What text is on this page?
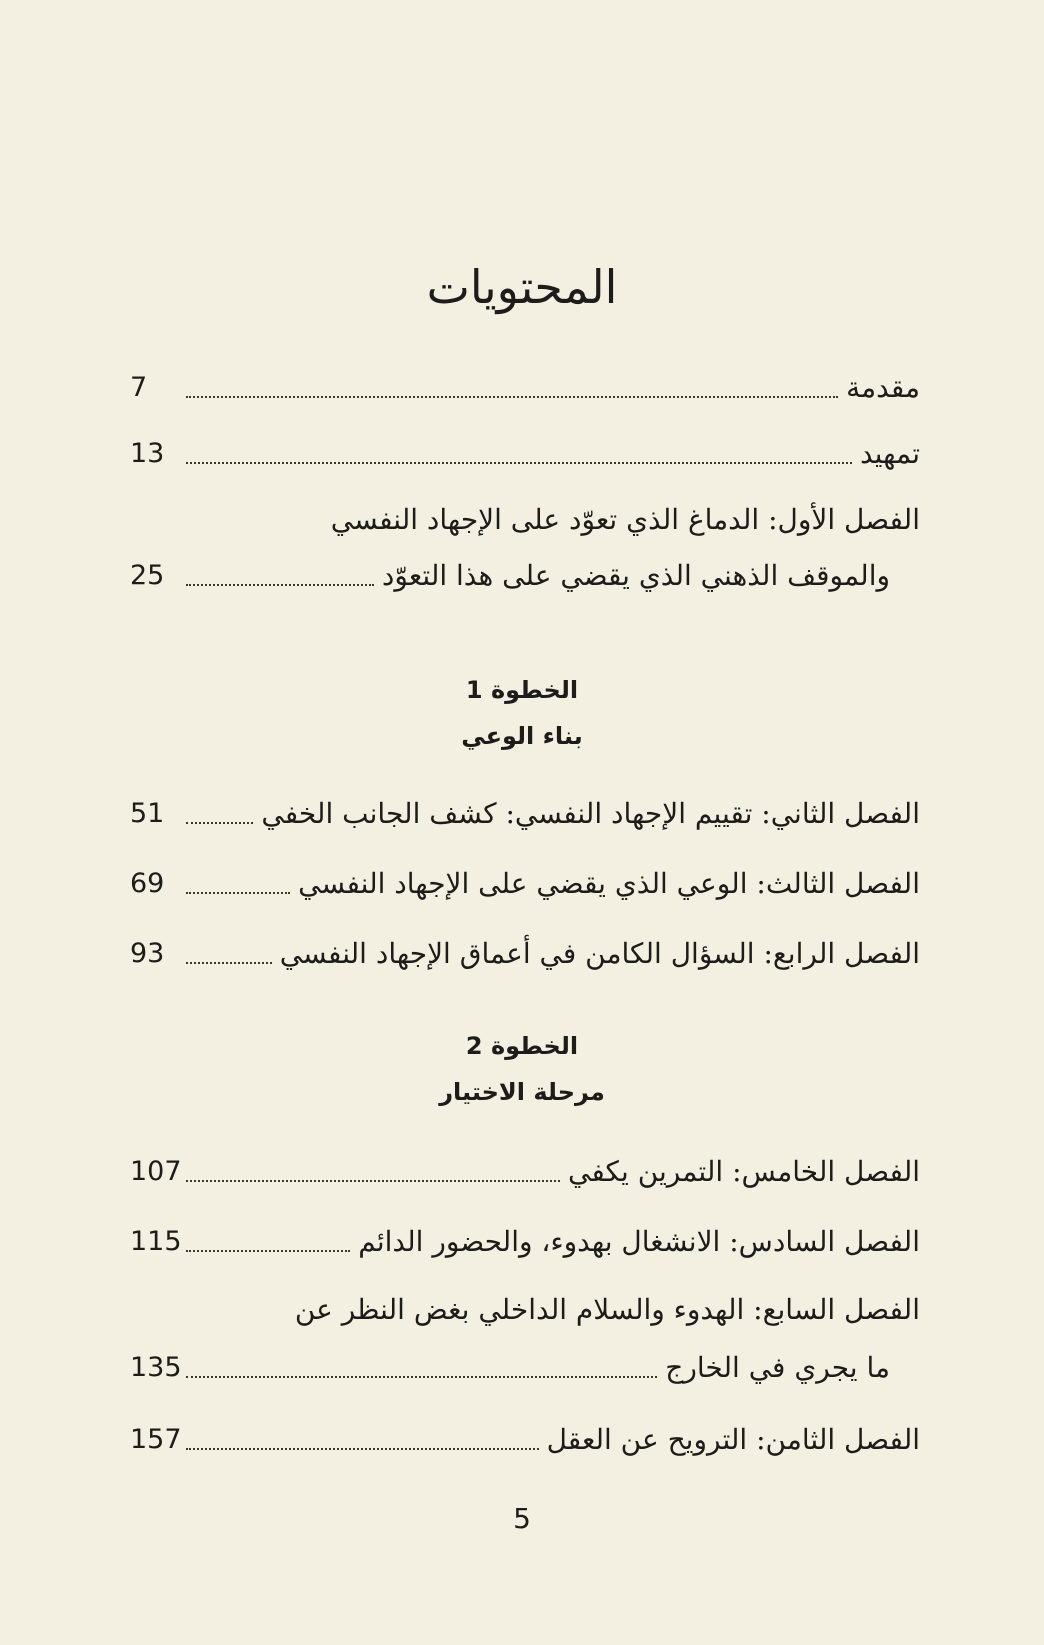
المحتويات
مقدمة
7
تمهيد
13
الفصل الأول: الدماغ الذي تعوّد على الإجهاد النفسي
والموقف الذهني الذي يقضي على هذا التعوّد
25
الخطوة 1
بناء الوعي
الفصل الثاني: تقييم الإجهاد النفسي: كشف الجانب الخفي
51
الفصل الثالث: الوعي الذي يقضي على الإجهاد النفسي
69
الفصل الرابع: السؤال الكامن في أعماق الإجهاد النفسي
93
الخطوة 2
مرحلة الاختيار
الفصل الخامس: التمرين يكفي
107
الفصل السادس: الانشغال بهدوء، والحضور الدائم
115
الفصل السابع: الهدوء والسلام الداخلي بغض النظر عن
ما يجري في الخارج
135
الفصل الثامن: الترويح عن العقل
157
5
